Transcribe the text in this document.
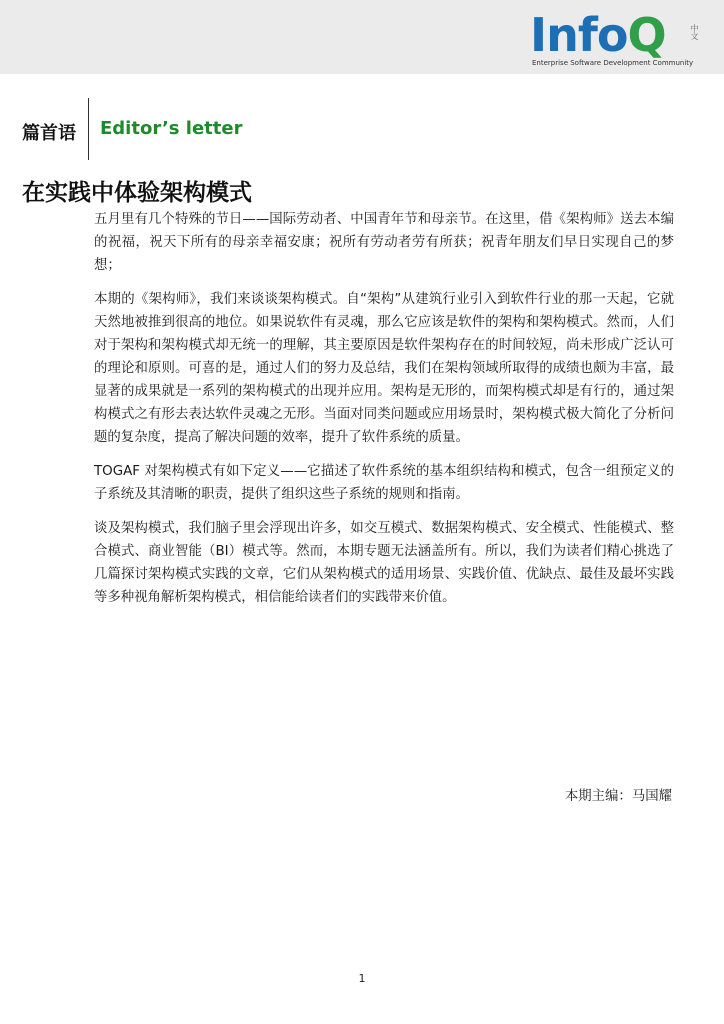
InfoQ	中文
Enterprise Software Development Community
篇首语 Editor’s letter
在实践中体验架构模式

五月里有几个特殊的节日——国际劳动者、中国青年节和母亲节。在这里，借《架构师》送去本编的祝福，祝天下所有的母亲幸福安康；祝所有劳动者劳有所获；祝青年朋友们早日实现自己的梦想；

本期的《架构师》，我们来谈谈架构模式。自“架构”从建筑行业引入到软件行业的那一天起，它就天然地被推到很高的地位。如果说软件有灵魂，那么它应该是软件的架构和架构模式。然而，人们对于架构和架构模式却无统一的理解，其主要原因是软件架构存在的时间较短，尚未形成广泛认可的理论和原则。可喜的是，通过人们的努力及总结，我们在架构领域所取得的成绩也颇为丰富，最显著的成果就是一系列的架构模式的出现并应用。架构是无形的，而架构模式却是有行的，通过架构模式之有形去表达软件灵魂之无形。当面对同类问题或应用场景时，架构模式极大简化了分析问题的复杂度，提高了解决问题的效率，提升了软件系统的质量。

TOGAF 对架构模式有如下定义——它描述了软件系统的基本组织结构和模式，包含一组预定义的子系统及其清晰的职责，提供了组织这些子系统的规则和指南。

谈及架构模式，我们脑子里会浮现出许多，如交互模式、数据架构模式、安全模式、性能模式、整合模式、商业智能（BI）模式等。然而，本期专题无法涵盖所有。所以，我们为读者们精心挑选了几篇探讨架构模式实践的文章，它们从架构模式的适用场景、实践价值、优缺点、最佳及最坏实践等多种视角解析架构模式，相信能给读者们的实践带来价值。

本期主编：马国耀
1
